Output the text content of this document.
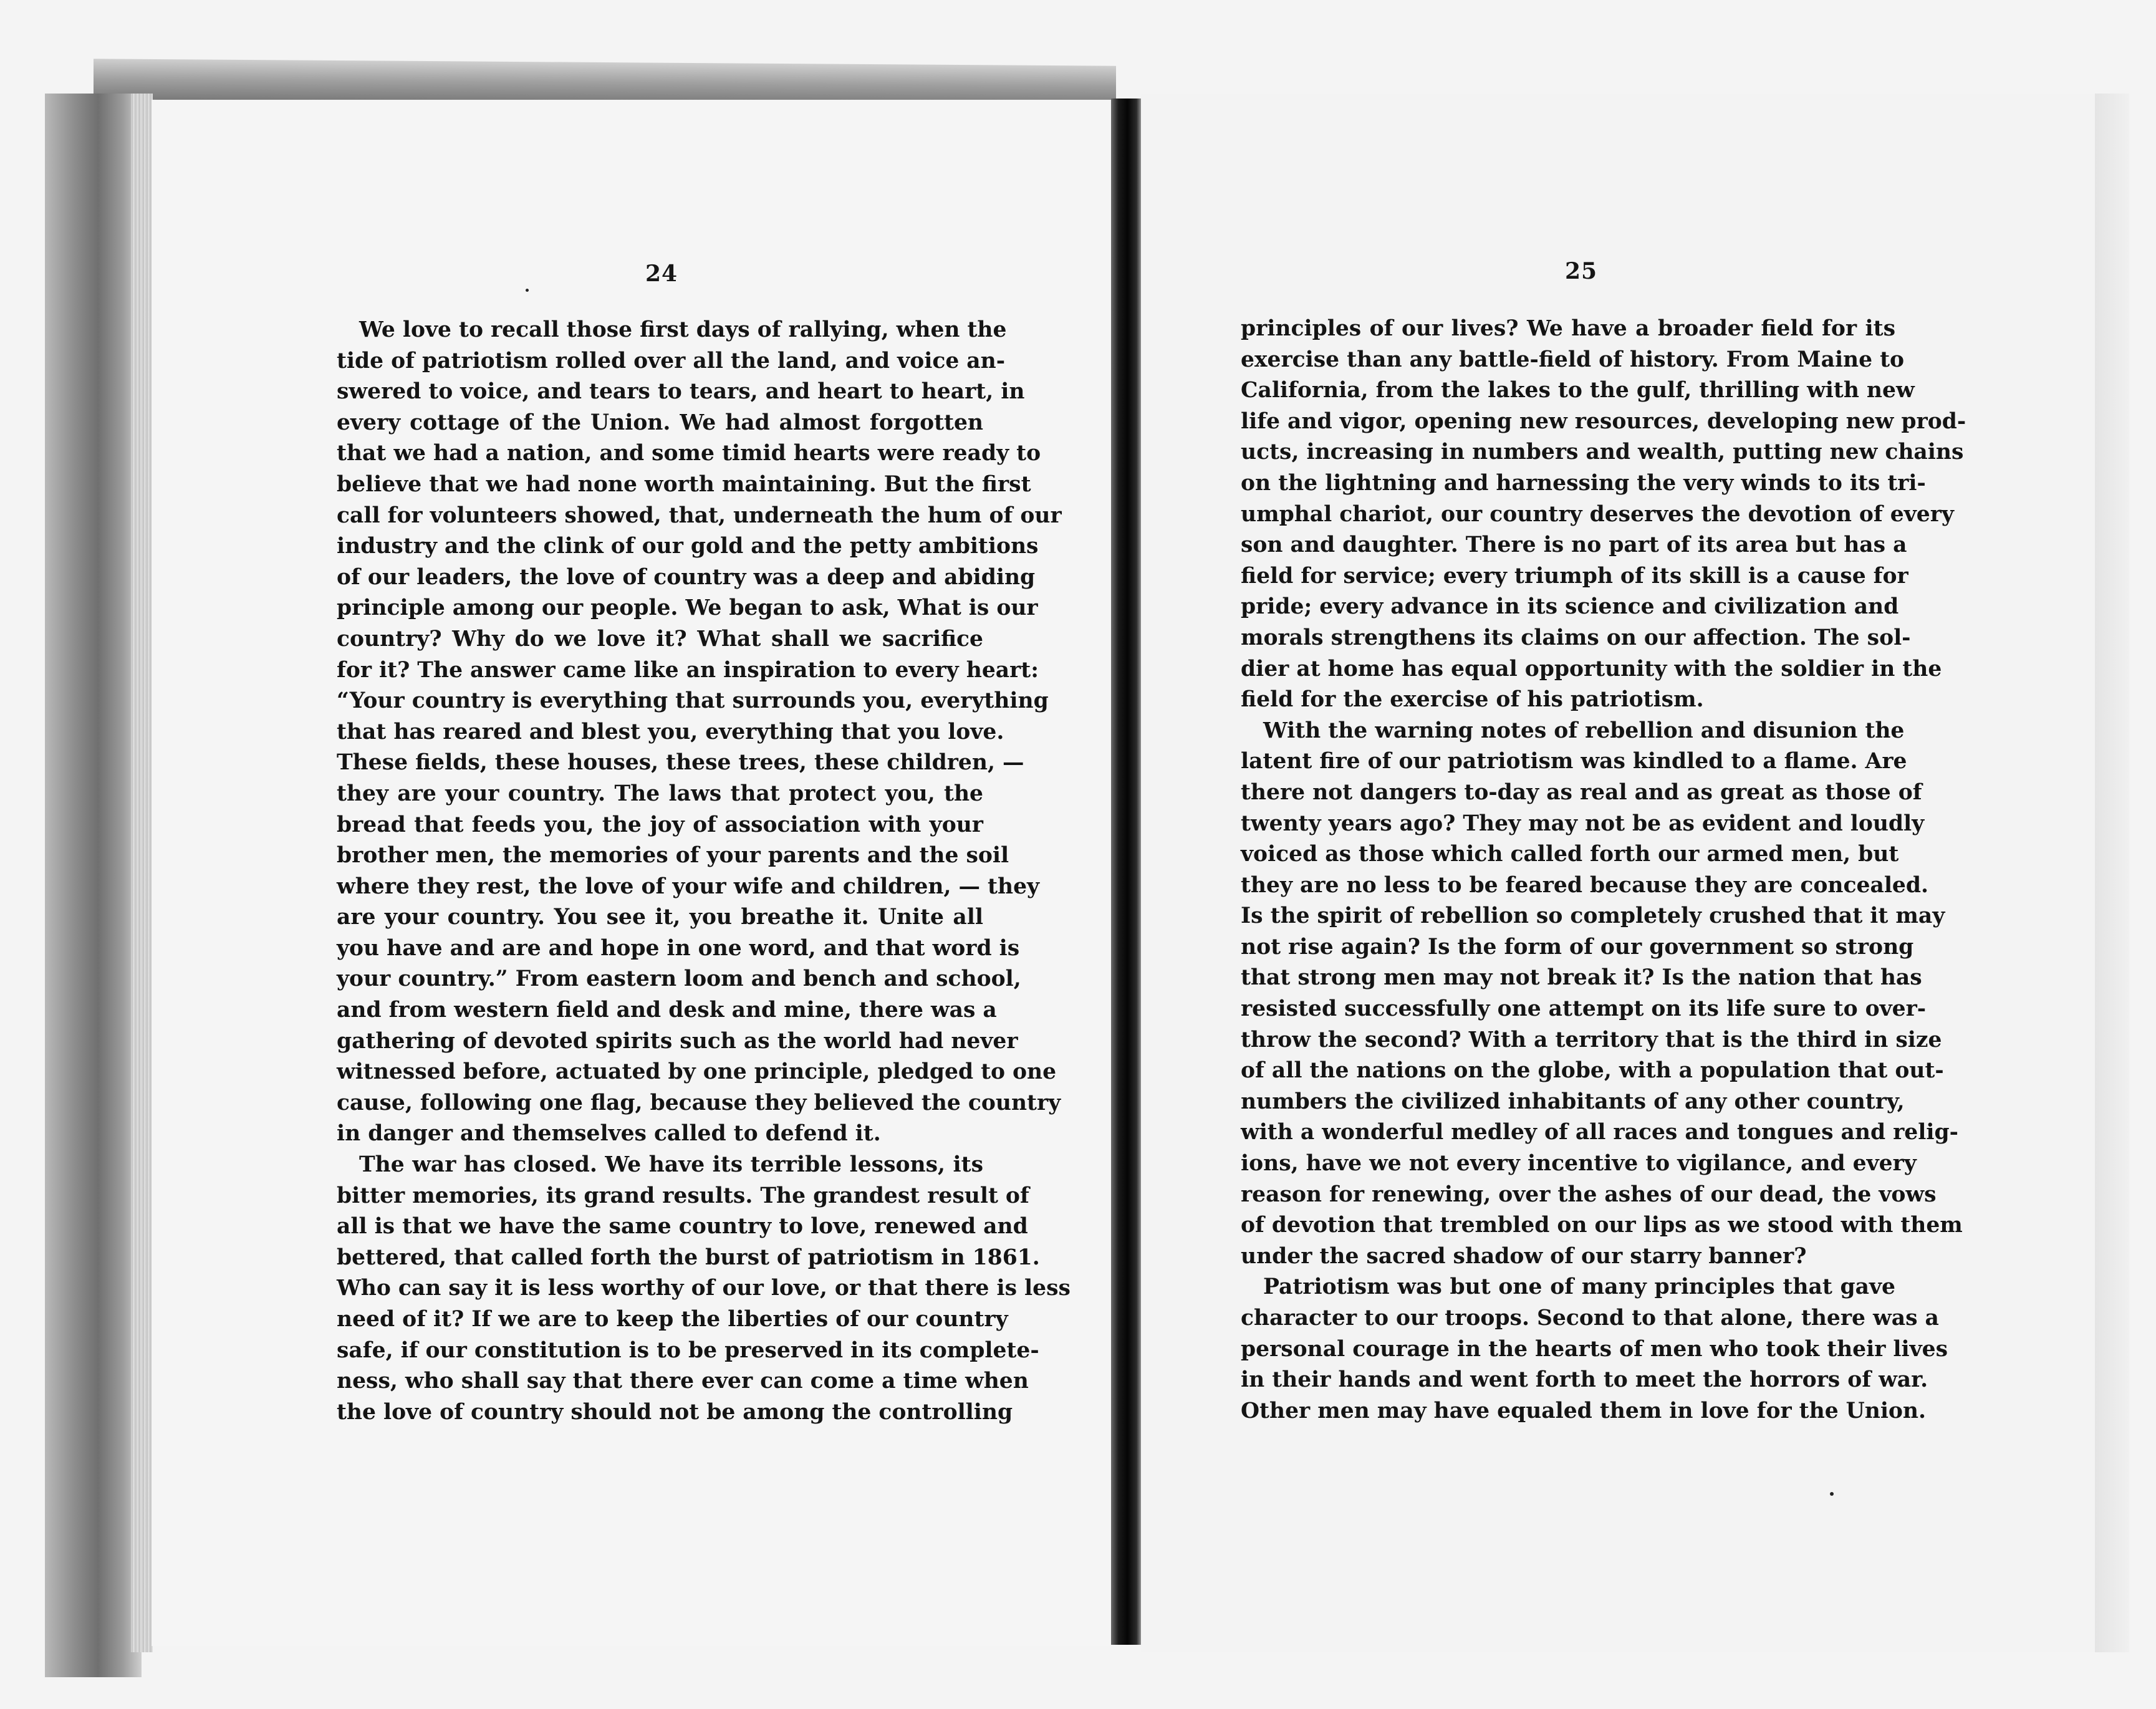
24	25
We love to recall those first days of rallying, when the
tide of patriotism rolled over all the land, and voice an-
swered to voice, and tears to tears, and heart to heart, in
every cottage of the Union. We had almost forgotten
that we had a nation, and some timid hearts were ready to
believe that we had none worth maintaining. But the first
call for volunteers showed, that, underneath the hum of our
industry and the clink of our gold and the petty ambitions
of our leaders, the love of country was a deep and abiding
principle among our people. We began to ask, What is our
country? Why do we love it? What shall we sacrifice
for it? The answer came like an inspiration to every heart:
“Your country is everything that surrounds you, everything
that has reared and blest you, everything that you love.
These fields, these houses, these trees, these children, —
they are your country. The laws that protect you, the
bread that feeds you, the joy of association with your
brother men, the memories of your parents and the soil
where they rest, the love of your wife and children, — they
are your country. You see it, you breathe it. Unite all
you have and are and hope in one word, and that word is
your country.” From eastern loom and bench and school,
and from western field and desk and mine, there was a
gathering of devoted spirits such as the world had never
witnessed before, actuated by one principle, pledged to one
cause, following one flag, because they believed the country
in danger and themselves called to defend it.
The war has closed. We have its terrible lessons, its
bitter memories, its grand results. The grandest result of
all is that we have the same country to love, renewed and
bettered, that called forth the burst of patriotism in 1861.
Who can say it is less worthy of our love, or that there is less
need of it? If we are to keep the liberties of our country
safe, if our constitution is to be preserved in its complete-
ness, who shall say that there ever can come a time when
the love of country should not be among the controlling
principles of our lives? We have a broader field for its
exercise than any battle-field of history. From Maine to
California, from the lakes to the gulf, thrilling with new
life and vigor, opening new resources, developing new prod-
ucts, increasing in numbers and wealth, putting new chains
on the lightning and harnessing the very winds to its tri-
umphal chariot, our country deserves the devotion of every
son and daughter. There is no part of its area but has a
field for service; every triumph of its skill is a cause for
pride; every advance in its science and civilization and
morals strengthens its claims on our affection. The sol-
dier at home has equal opportunity with the soldier in the
field for the exercise of his patriotism.
With the warning notes of rebellion and disunion the
latent fire of our patriotism was kindled to a flame. Are
there not dangers to-day as real and as great as those of
twenty years ago? They may not be as evident and loudly
voiced as those which called forth our armed men, but
they are no less to be feared because they are concealed.
Is the spirit of rebellion so completely crushed that it may
not rise again? Is the form of our government so strong
that strong men may not break it? Is the nation that has
resisted successfully one attempt on its life sure to over-
throw the second? With a territory that is the third in size
of all the nations on the globe, with a population that out-
numbers the civilized inhabitants of any other country,
with a wonderful medley of all races and tongues and relig-
ions, have we not every incentive to vigilance, and every
reason for renewing, over the ashes of our dead, the vows
of devotion that trembled on our lips as we stood with them
under the sacred shadow of our starry banner?
Patriotism was but one of many principles that gave
character to our troops. Second to that alone, there was a
personal courage in the hearts of men who took their lives
in their hands and went forth to meet the horrors of war.
Other men may have equaled them in love for the Union.
